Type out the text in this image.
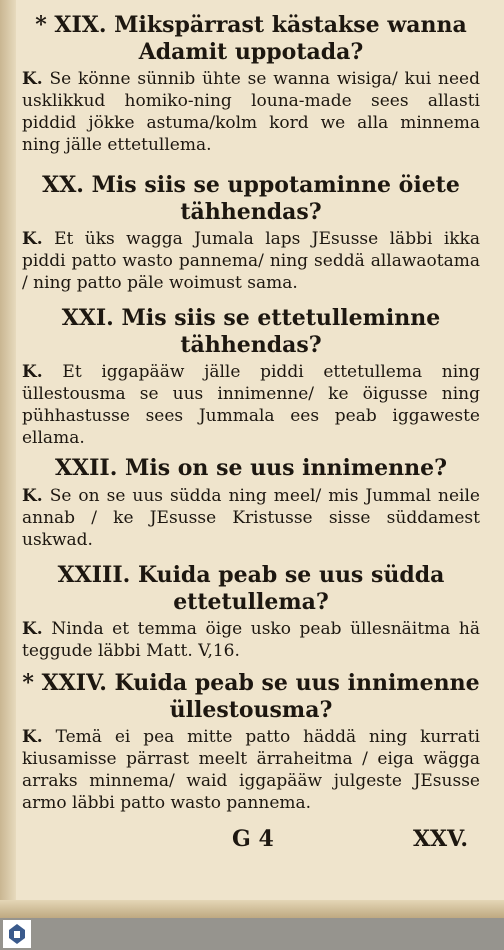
* XIX. Mikspärrast kästakse wanna Adamit uppotada?
K. Se könne sünnib ühte se wanna wisiga/ kui need usklikkud homiko-ning louna-made sees allasti piddid jökke astuma/kolm kord we alla minnema ning jälle ettetullema.
XX. Mis siis se uppotaminne öiete tähhendas?
K. Et üks wagga Jumala laps JEsusse läbbi ikka piddi patto wasto pannema/ ning seddä allawaotama / ning patto päle woimust sama.
XXI. Mis siis se ettetulleminne tähhendas?
K. Et iggapääw jälle piddi ettetullema ning üllestousma se uus innimenne/ ke öigusse ning pühhastusse sees Jummala ees peab iggaweste ellama.
XXII. Mis on se uus innimenne?
K. Se on se uus südda ning meel/ mis Jummal neile annab / ke JEsusse Kristusse sisse süddamest uskwad.
XXIII. Kuida peab se uus südda ettetullema?
K. Ninda et temma öige usko peab üllesnäitma hä teggude läbbi Matt. V,16.
* XXIV. Kuida peab se uus innimenne üllestousma?
K. Temä ei pea mitte patto häddä ning kurrati kiusamisse pärrast meelt ärraheitma / eiga wägga arraks minnema/ waid iggapääw julgeste JEsusse armo läbbi patto wasto pannema.
G 4	XXV.
